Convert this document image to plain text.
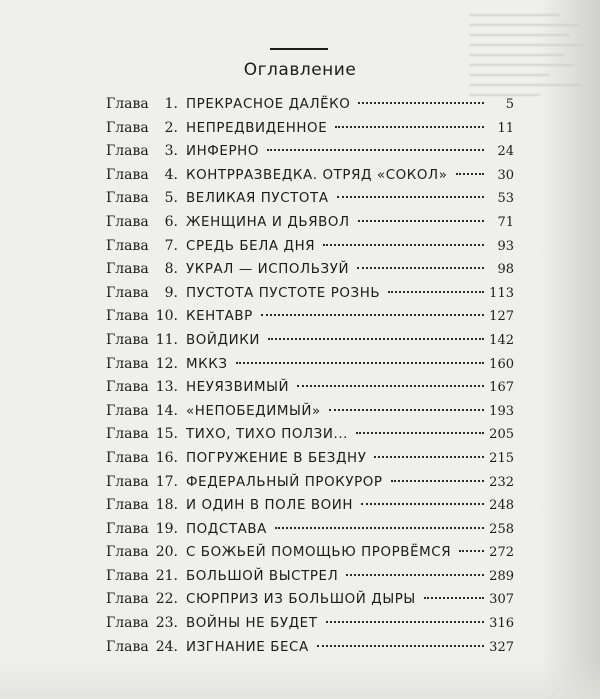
Оглавление
Глава	1. ПРЕКРАСНОЕ ДАЛЁКО	5
Глава	2. НЕПРЕДВИДЕННОЕ	11
Глава	3. ИНФЕРНО	24
Глава	4. КОНТРРАЗВЕДКА. ОТРЯД «СОКОЛ»	30
Глава	5. ВЕЛИКАЯ ПУСТОТА	53
Глава	6. ЖЕНЩИНА И ДЬЯВОЛ	71
Глава	7. СРЕДЬ БЕЛА ДНЯ	93
Глава	8. УКРАЛ — ИСПОЛЬЗУЙ	98
Глава	9. ПУСТОТА ПУСТОТЕ РОЗНЬ	113
Глава 10. КЕНТАВР	127
Глава 11. ВОЙДИКИ	142
Глава 12. МККЗ	160
Глава 13. НЕУЯЗВИМЫЙ	167
Глава 14. «НЕПОБЕДИМЫЙ»	193
Глава 15. ТИХО, ТИХО ПОЛЗИ...	205
Глава 16. ПОГРУЖЕНИЕ В БЕЗДНУ	215
Глава 17. ФЕДЕРАЛЬНЫЙ ПРОКУРОР	232
Глава 18. И ОДИН В ПОЛЕ ВОИН	248
Глава 19. ПОДСТАВА	258
Глава 20. С БОЖЬЕЙ ПОМОЩЬЮ ПРОРВЁМСЯ	272
Глава 21. БОЛЬШОЙ ВЫСТРЕЛ	289
Глава 22. СЮРПРИЗ ИЗ БОЛЬШОЙ ДЫРЫ	307
Глава 23. ВОЙНЫ НЕ БУДЕТ	316
Глава 24. ИЗГНАНИЕ БЕСА	327
